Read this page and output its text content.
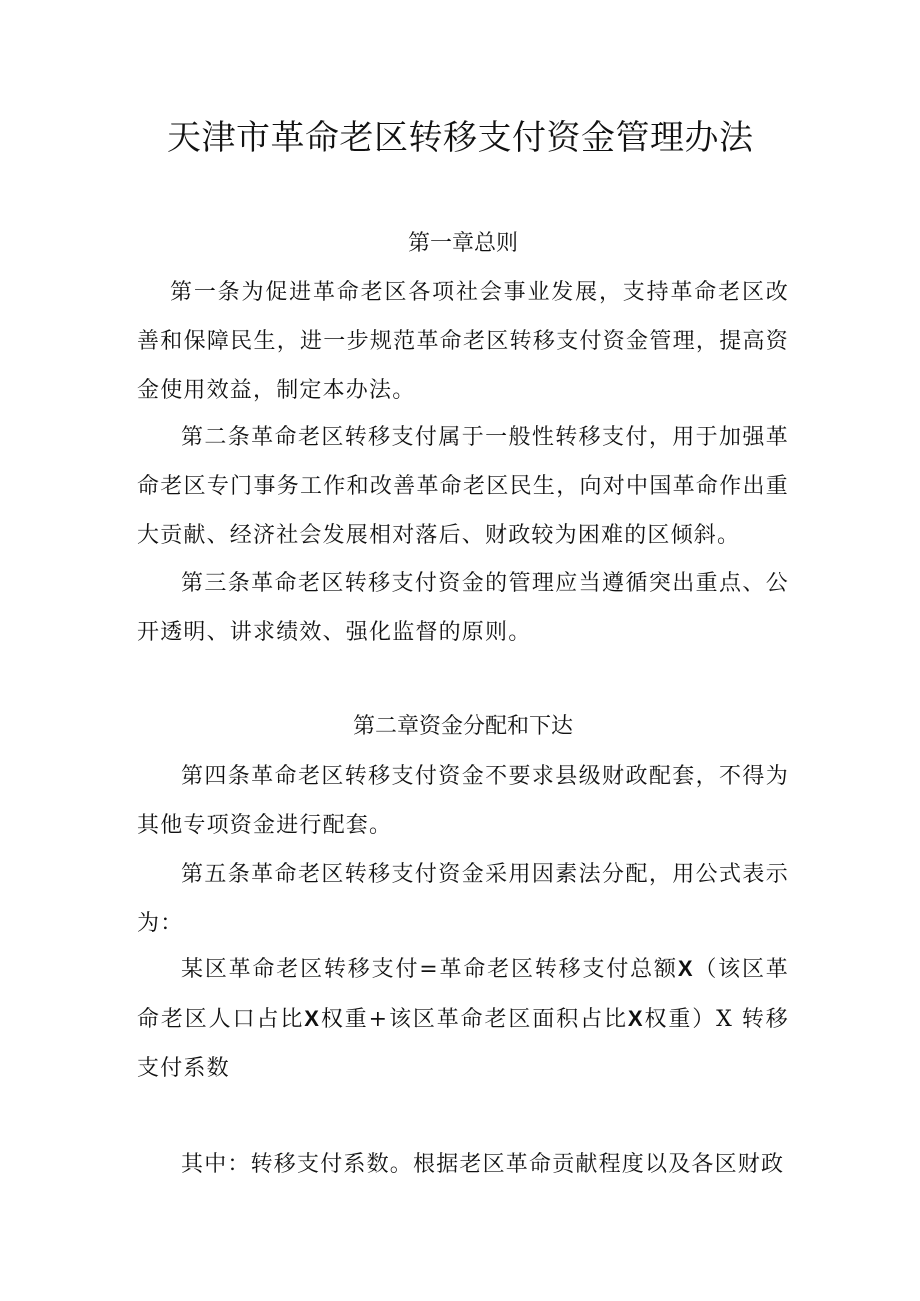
天津市革命老区转移支付资金管理办法

第一章总则

第一条为促进革命老区各项社会事业发展，支持革命老区改善和保障民生，进一步规范革命老区转移支付资金管理，提高资金使用效益，制定本办法。

第二条革命老区转移支付属于一般性转移支付，用于加强革命老区专门事务工作和改善革命老区民生，向对中国革命作出重大贡献、经济社会发展相对落后、财政较为困难的区倾斜。

第三条革命老区转移支付资金的管理应当遵循突出重点、公开透明、讲求绩效、强化监督的原则。

第二章资金分配和下达

第四条革命老区转移支付资金不要求县级财政配套，不得为其他专项资金进行配套。

第五条革命老区转移支付资金采用因素法分配，用公式表示为：

某区革命老区转移支付=革命老区转移支付总额X（该区革命老区人口占比X权重+该区革命老区面积占比X权重）X 转移支付系数

其中：转移支付系数。根据老区革命贡献程度以及各区财政
